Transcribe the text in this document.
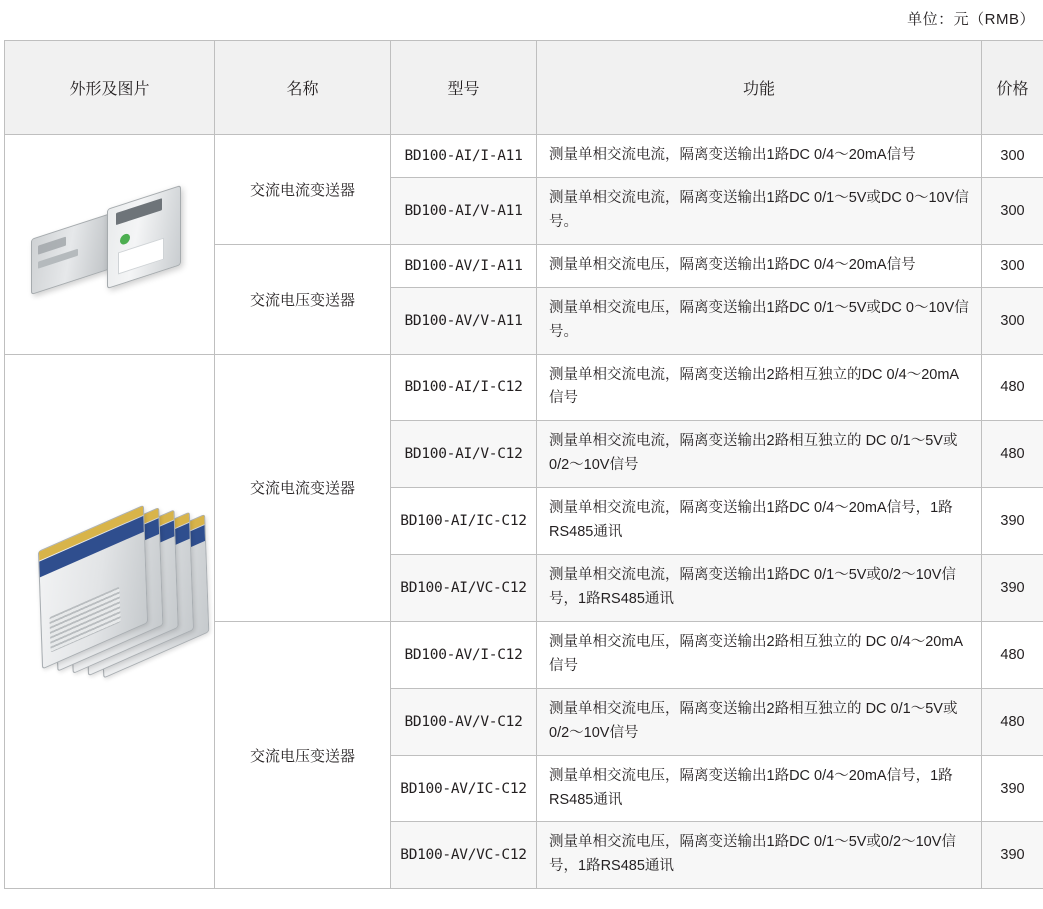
单位：元（RMB）
外形及图片	名称	型号	功能	价格

	交流电流变送器	BD100-AI/I-A11	测量单相交流电流，隔离变送输出1路DC 0/4～20mA信号	300
		BD100-AI/V-A11	测量单相交流电流，隔离变送输出1路DC 0/1～5V或DC 0～10V信号。	300
	交流电压变送器	BD100-AV/I-A11	测量单相交流电压，隔离变送输出1路DC 0/4～20mA信号	300
		BD100-AV/V-A11	测量单相交流电压，隔离变送输出1路DC 0/1～5V或DC 0～10V信号。	300

	交流电流变送器	BD100-AI/I-C12	测量单相交流电流，隔离变送输出2路相互独立的DC 0/4～20mA信号	480
		BD100-AI/V-C12	测量单相交流电流，隔离变送输出2路相互独立的 DC 0/1～5V或0/2～10V信号	480
		BD100-AI/IC-C12	测量单相交流电流，隔离变送输出1路DC 0/4～20mA信号，1路RS485通讯	390
		BD100-AI/VC-C12	测量单相交流电流，隔离变送输出1路DC 0/1～5V或0/2～10V信号，1路RS485通讯	390
	交流电压变送器	BD100-AV/I-C12	测量单相交流电压，隔离变送输出2路相互独立的 DC 0/4～20mA信号	480
		BD100-AV/V-C12	测量单相交流电压，隔离变送输出2路相互独立的 DC 0/1～5V或0/2～10V信号	480
		BD100-AV/IC-C12	测量单相交流电压，隔离变送输出1路DC 0/4～20mA信号，1路RS485通讯	390
		BD100-AV/VC-C12	测量单相交流电压，隔离变送输出1路DC 0/1～5V或0/2～10V信号，1路RS485通讯	390
